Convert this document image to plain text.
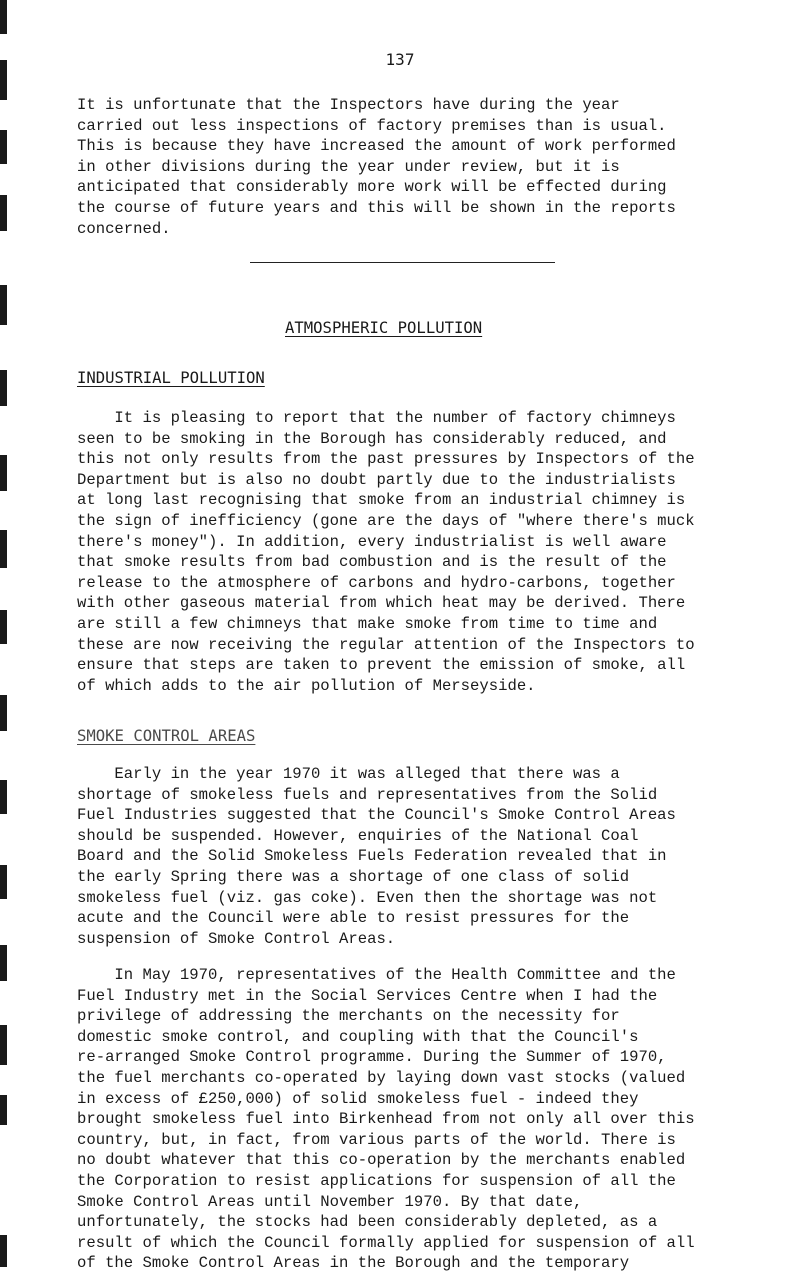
137
It is unfortunate that the Inspectors have during the year
carried out less inspections of factory premises than is usual.
This is because they have increased the amount of work performed
in other divisions during the year under review, but it is
anticipated that considerably more work will be effected during
the course of future years and this will be shown in the reports
concerned.
ATMOSPHERIC POLLUTION
INDUSTRIAL POLLUTION
It is pleasing to report that the number of factory chimneys
seen to be smoking in the Borough has considerably reduced, and
this not only results from the past pressures by Inspectors of the
Department but is also no doubt partly due to the industrialists
at long last recognising that smoke from an industrial chimney is
the sign of inefficiency (gone are the days of "where there's muck
there's money"). In addition, every industrialist is well aware
that smoke results from bad combustion and is the result of the
release to the atmosphere of carbons and hydro-carbons, together
with other gaseous material from which heat may be derived. There
are still a few chimneys that make smoke from time to time and
these are now receiving the regular attention of the Inspectors to
ensure that steps are taken to prevent the emission of smoke, all
of which adds to the air pollution of Merseyside.
SMOKE CONTROL AREAS
Early in the year 1970 it was alleged that there was a
shortage of smokeless fuels and representatives from the Solid
Fuel Industries suggested that the Council's Smoke Control Areas
should be suspended. However, enquiries of the National Coal
Board and the Solid Smokeless Fuels Federation revealed that in
the early Spring there was a shortage of one class of solid
smokeless fuel (viz. gas coke). Even then the shortage was not
acute and the Council were able to resist pressures for the
suspension of Smoke Control Areas.
In May 1970, representatives of the Health Committee and the
Fuel Industry met in the Social Services Centre when I had the
privilege of addressing the merchants on the necessity for
domestic smoke control, and coupling with that the Council's
re-arranged Smoke Control programme. During the Summer of 1970,
the fuel merchants co-operated by laying down vast stocks (valued
in excess of £250,000) of solid smokeless fuel - indeed they
brought smokeless fuel into Birkenhead from not only all over this
country, but, in fact, from various parts of the world. There is
no doubt whatever that this co-operation by the merchants enabled
the Corporation to resist applications for suspension of all the
Smoke Control Areas until November 1970. By that date,
unfortunately, the stocks had been considerably depleted, as a
result of which the Council formally applied for suspension of all
of the Smoke Control Areas in the Borough and the temporary
